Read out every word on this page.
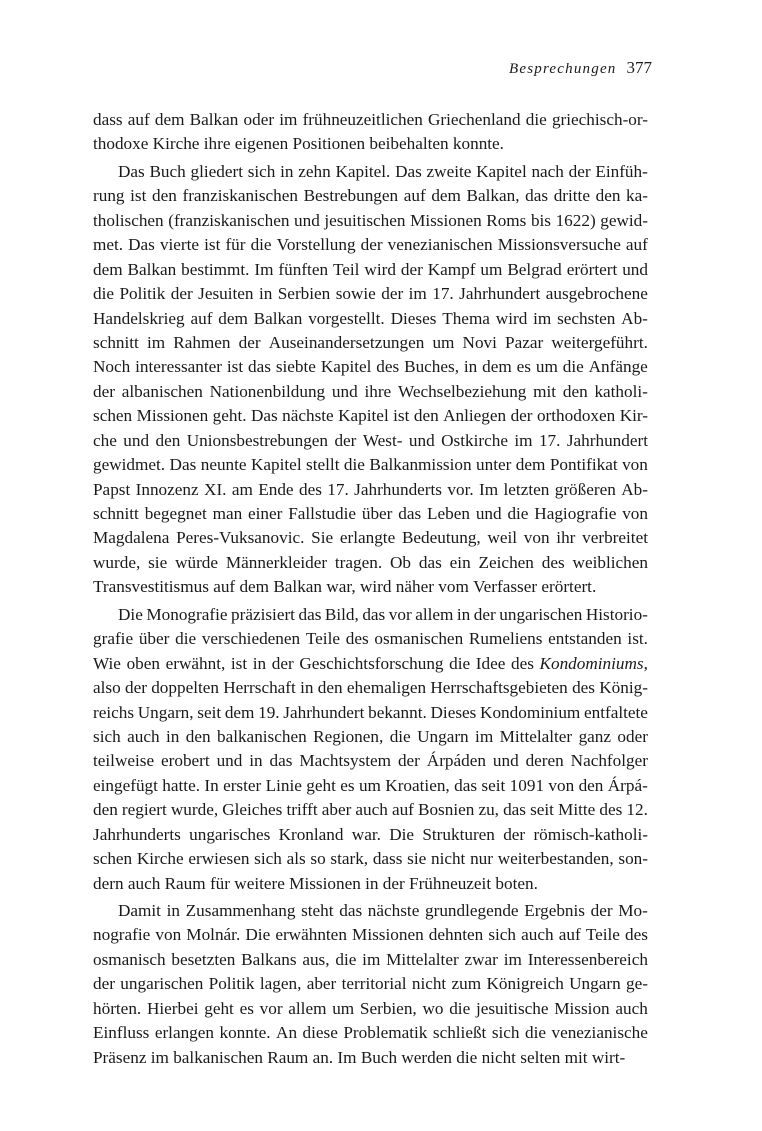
Besprechungen 377
dass auf dem Balkan oder im frühneuzeitlichen Griechenland die griechisch-or-
thodoxe Kirche ihre eigenen Positionen beibehalten konnte.
Das Buch gliedert sich in zehn Kapitel. Das zweite Kapitel nach der Einfüh-
rung ist den franziskanischen Bestrebungen auf dem Balkan, das dritte den ka-
tholischen (franziskanischen und jesuitischen Missionen Roms bis 1622) gewid-
met. Das vierte ist für die Vorstellung der venezianischen Missionsversuche auf
dem Balkan bestimmt. Im fünften Teil wird der Kampf um Belgrad erörtert und
die Politik der Jesuiten in Serbien sowie der im 17. Jahrhundert ausgebrochene
Handelskrieg auf dem Balkan vorgestellt. Dieses Thema wird im sechsten Ab-
schnitt im Rahmen der Auseinandersetzungen um Novi Pazar weitergeführt.
Noch interessanter ist das siebte Kapitel des Buches, in dem es um die Anfänge
der albanischen Nationenbildung und ihre Wechselbeziehung mit den katholi-
schen Missionen geht. Das nächste Kapitel ist den Anliegen der orthodoxen Kir-
che und den Unionsbestrebungen der West- und Ostkirche im 17. Jahrhundert
gewidmet. Das neunte Kapitel stellt die Balkanmission unter dem Pontifikat von
Papst Innozenz XI. am Ende des 17. Jahrhunderts vor. Im letzten größeren Ab-
schnitt begegnet man einer Fallstudie über das Leben und die Hagiografie von
Magdalena Peres-Vuksanovic. Sie erlangte Bedeutung, weil von ihr verbreitet
wurde, sie würde Männerkleider tragen. Ob das ein Zeichen des weiblichen
Transvestitismus auf dem Balkan war, wird näher vom Verfasser erörtert.
Die Monografie präzisiert das Bild, das vor allem in der ungarischen Historio-
grafie über die verschiedenen Teile des osmanischen Rumeliens entstanden ist.
Wie oben erwähnt, ist in der Geschichtsforschung die Idee des Kondominiums,
also der doppelten Herrschaft in den ehemaligen Herrschaftsgebieten des König-
reichs Ungarn, seit dem 19. Jahrhundert bekannt. Dieses Kondominium entfaltete
sich auch in den balkanischen Regionen, die Ungarn im Mittelalter ganz oder
teilweise erobert und in das Machtsystem der Árpáden und deren Nachfolger
eingefügt hatte. In erster Linie geht es um Kroatien, das seit 1091 von den Árpá-
den regiert wurde, Gleiches trifft aber auch auf Bosnien zu, das seit Mitte des 12.
Jahrhunderts ungarisches Kronland war. Die Strukturen der römisch-katholi-
schen Kirche erwiesen sich als so stark, dass sie nicht nur weiterbestanden, son-
dern auch Raum für weitere Missionen in der Frühneuzeit boten.
Damit in Zusammenhang steht das nächste grundlegende Ergebnis der Mo-
nografie von Molnár. Die erwähnten Missionen dehnten sich auch auf Teile des
osmanisch besetzten Balkans aus, die im Mittelalter zwar im Interessenbereich
der ungarischen Politik lagen, aber territorial nicht zum Königreich Ungarn ge-
hörten. Hierbei geht es vor allem um Serbien, wo die jesuitische Mission auch
Einfluss erlangen konnte. An diese Problematik schließt sich die venezianische
Präsenz im balkanischen Raum an. Im Buch werden die nicht selten mit wirt-
